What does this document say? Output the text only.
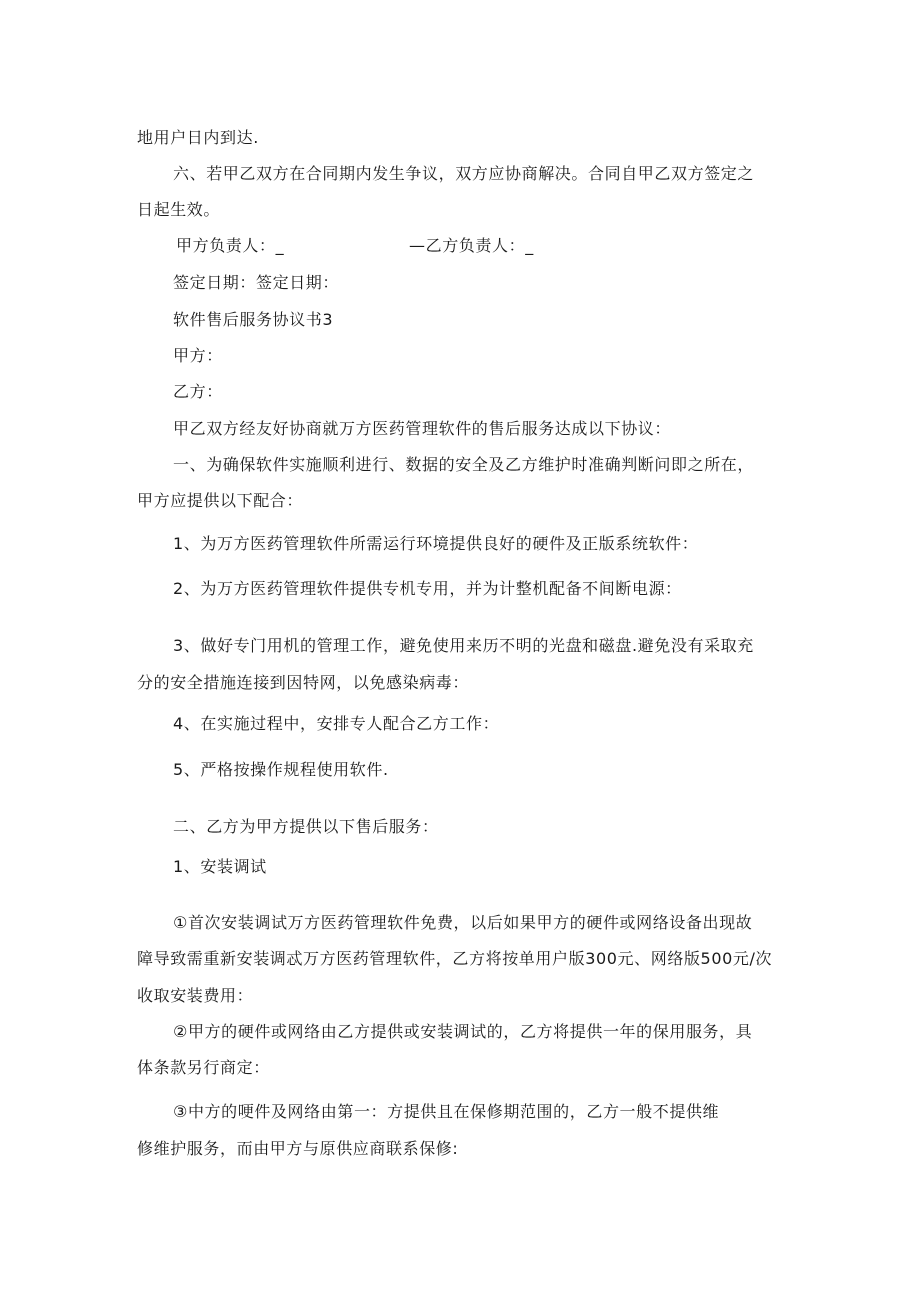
地用户日内到达.
六、若甲乙双方在合同期内发生争议，双方应协商解决。合同自甲乙双方签定之
日起生效。
甲方负责人：_	—乙方负责人：_
签定日期：签定日期：
软件售后服务协议书3
甲方：
乙方：
甲乙双方经友好协商就万方医药管理软件的售后服务达成以下协议：
一、为确保软件实施顺利进行、数据的安全及乙方维护时准确判断问即之所在，
甲方应提供以下配合：
1、为万方医药管理软件所需运行环境提供良好的硬件及正版系统软件：
2、为万方医药管理软件提供专机专用，并为计整机配备不间断电源：
3、做好专门用机的管理工作，避免使用来历不明的光盘和磁盘.避免没有采取充
分的安全措施连接到因特网，以免感染病毒：
4、在实施过程中，安排专人配合乙方工作：
5、严格按操作规程使用软件.
二、乙方为甲方提供以下售后服务：
1、安装调试
①首次安装调试万方医药管理软件免费，以后如果甲方的硬件或网络设备出现故
障导致需重新安装调忒万方医药管理软件，乙方将按单用户版300元、网络版500元/次
收取安装费用：
②甲方的硬件或网络由乙方提供或安装调试的，乙方将提供一年的保用服务，具
体条款另行商定：
③中方的哽件及网络由第一：方提供且在保修期范围的，乙方一般不提供维
修维护服务，而由甲方与原供应商联系保修:
